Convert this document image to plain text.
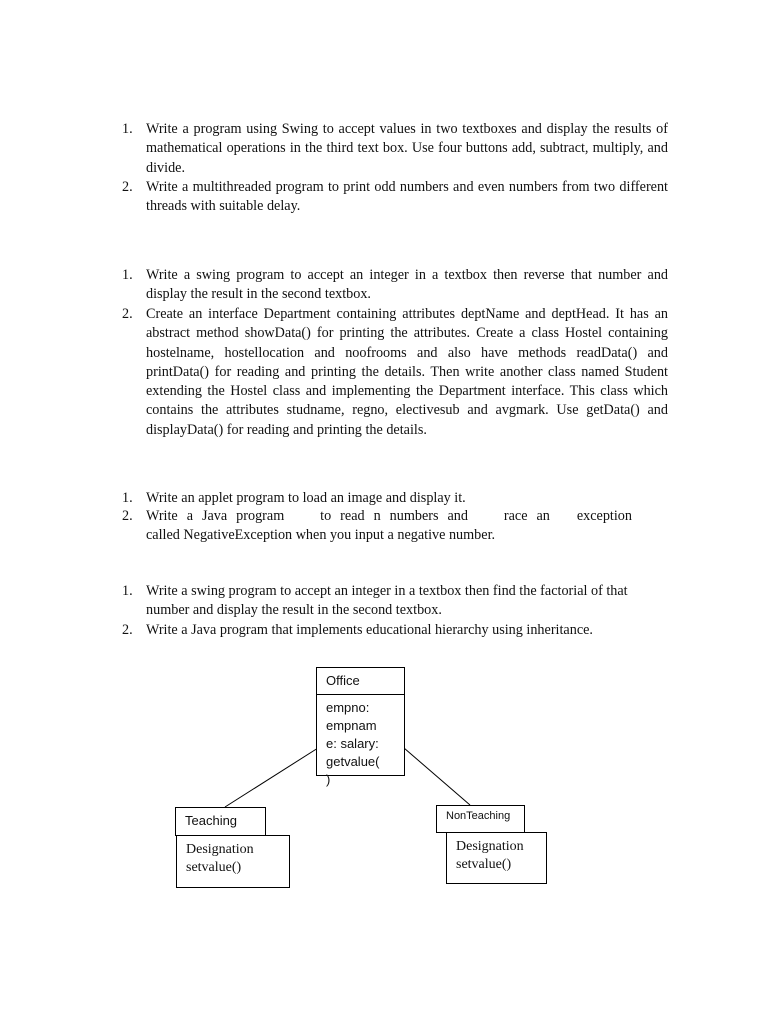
1. Write a program using Swing to accept values in two textboxes and display the results of mathematical operations in the third text box. Use four buttons add, subtract, multiply, and divide.
2. Write a multithreaded program to print odd numbers and even numbers from two different threads with suitable delay.
1. Write a swing program to accept an integer in a textbox then reverse that number and display the result in the second textbox.
2. Create an interface Department containing attributes deptName and deptHead. It has an abstract method showData() for printing the attributes. Create a class Hostel containing hostelname, hostellocation and noofrooms and also have methods readData() and printData() for reading and printing the details. Then write another class named Student extending the Hostel class and implementing the Department interface. This class which contains the attributes studname, regno, electivesub and avgmark. Use getData() and displayData() for reading and printing the details.
1. Write an applet program to load an image and display it.
2. Write a Java program    to read n numbers and    race an   exception
called NegativeException when you input a negative number.
1. Write a swing program to accept an integer in a textbox then find the factorial of that number and display the result in the second textbox.
2. Write a Java program that implements educational hierarchy using inheritance.
Office
empno:
empnam
e: salary:
getvalue(
)
Designation
setvalue()
Teaching
Designation
setvalue()
NonTeaching
